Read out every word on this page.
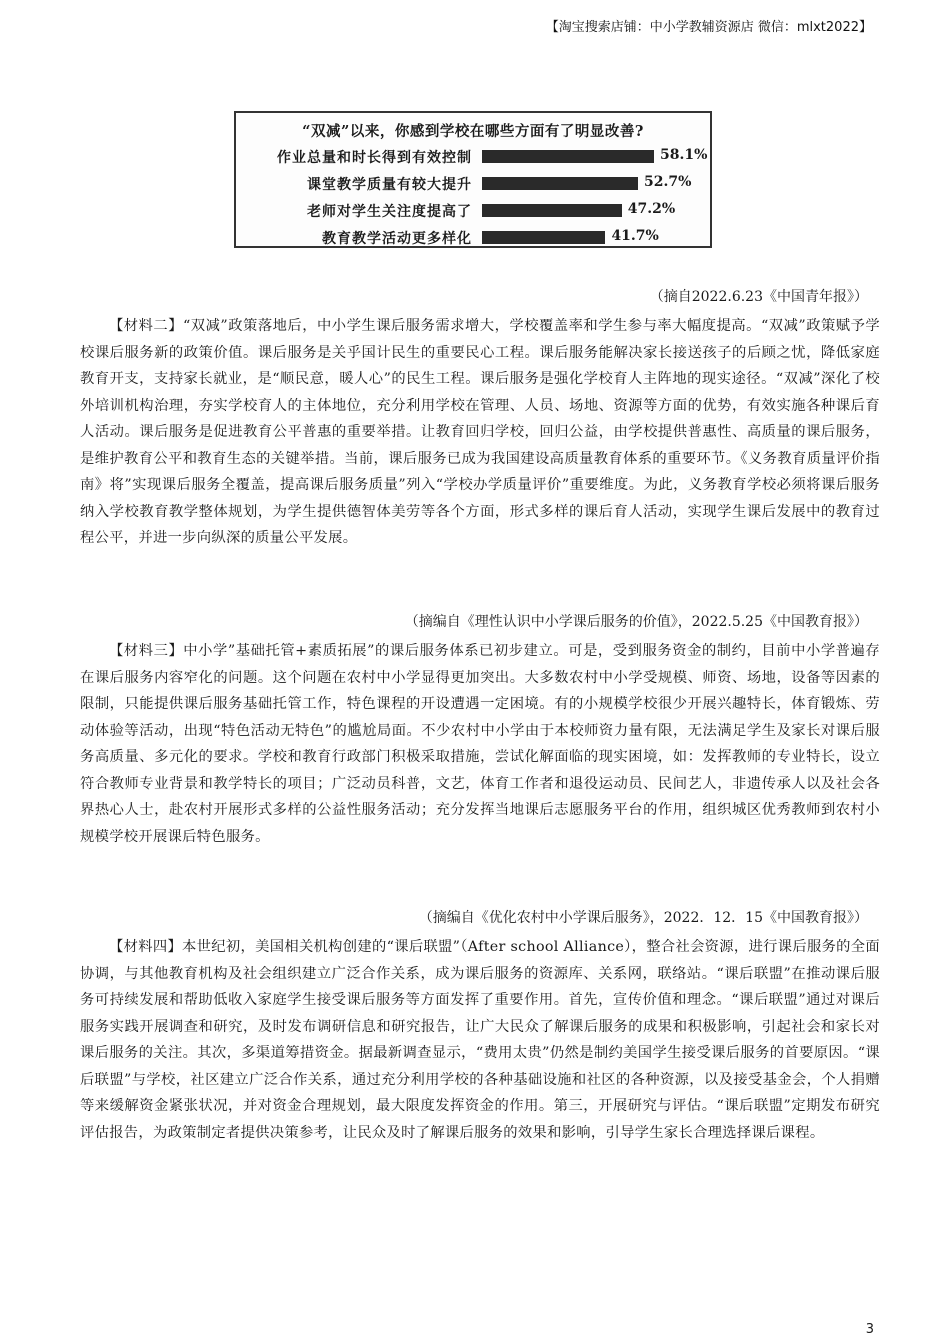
【淘宝搜索店铺：中小学教辅资源店 微信：mlxt2022】
“双减”以来，你感到学校在哪些方面有了明显改善?
作业总量和时长得到有效控制	58.1%
课堂教学质量有较大提升	52.7%
老师对学生关注度提高了	47.2%
教育教学活动更多样化	41.7%
（摘自2022.6.23《中国青年报》）

【材料二】“双减”政策落地后，中小学生课后服务需求增大，学校覆盖率和学生参与率大幅度提高。“双减”政策赋予学校课后服务新的政策价值。课后服务是关乎国计民生的重要民心工程。课后服务能解决家长接送孩子的后顾之忧，降低家庭教育开支，支持家长就业，是“顺民意，暖人心”的民生工程。课后服务是强化学校育人主阵地的现实途径。“双减”深化了校外培训机构治理，夯实学校育人的主体地位，充分利用学校在管理、人员、场地、资源等方面的优势，有效实施各种课后育人活动。课后服务是促进教育公平普惠的重要举措。让教育回归学校，回归公益，由学校提供普惠性、高质量的课后服务，是维护教育公平和教育生态的关键举措。当前，课后服务已成为我国建设高质量教育体系的重要环节。《义务教育质量评价指南》将”实现课后服务全覆盖，提高课后服务质量”列入“学校办学质量评价”重要维度。为此，义务教育学校必须将课后服务纳入学校教育教学整体规划，为学生提供德智体美劳等各个方面，形式多样的课后育人活动，实现学生课后发展中的教育过程公平，并进一步向纵深的质量公平发展。

（摘编自《理性认识中小学课后服务的价值》，2022.5.25《中国教育报》）

【材料三】中小学”基础托管+素质拓展”的课后服务体系已初步建立。可是，受到服务资金的制约，目前中小学普遍存在课后服务内容窄化的问题。这个问题在农村中小学显得更加突出。大多数农村中小学受规模、师资、场地，设备等因素的限制，只能提供课后服务基础托管工作，特色课程的开设遭遇一定困境。有的小规模学校很少开展兴趣特长，体育锻炼、劳动体验等活动，出现“特色活动无特色”的尴尬局面。不少农村中小学由于本校师资力量有限，无法满足学生及家长对课后服务高质量、多元化的要求。学校和教育行政部门积极采取措施，尝试化解面临的现实困境，如：发挥教师的专业特长，设立符合教师专业背景和教学特长的项目；广泛动员科普，文艺，体育工作者和退役运动员、民间艺人，非遗传承人以及社会各界热心人士，赴农村开展形式多样的公益性服务活动；充分发挥当地课后志愿服务平台的作用，组织城区优秀教师到农村小规模学校开展课后特色服务。

（摘编自《优化农村中小学课后服务》，2022．12．15《中国教育报》）

【材料四】本世纪初，美国相关机构创建的“课后联盟”（After school Alliance），整合社会资源，进行课后服务的全面协调，与其他教育机构及社会组织建立广泛合作关系，成为课后服务的资源库、关系网，联络站。“课后联盟”在推动课后服务可持续发展和帮助低收入家庭学生接受课后服务等方面发挥了重要作用。首先，宣传价值和理念。“课后联盟”通过对课后服务实践开展调查和研究，及时发布调研信息和研究报告，让广大民众了解课后服务的成果和积极影响，引起社会和家长对课后服务的关注。其次，多渠道筹措资金。据最新调查显示，“费用太贵”仍然是制约美国学生接受课后服务的首要原因。“课后联盟”与学校，社区建立广泛合作关系，通过充分利用学校的各种基础设施和社区的各种资源，以及接受基金会，个人捐赠等来缓解资金紧张状况，并对资金合理规划，最大限度发挥资金的作用。第三，开展研究与评估。“课后联盟”定期发布研究评估报告，为政策制定者提供决策参考，让民众及时了解课后服务的效果和影响，引导学生家长合理选择课后课程。

3
